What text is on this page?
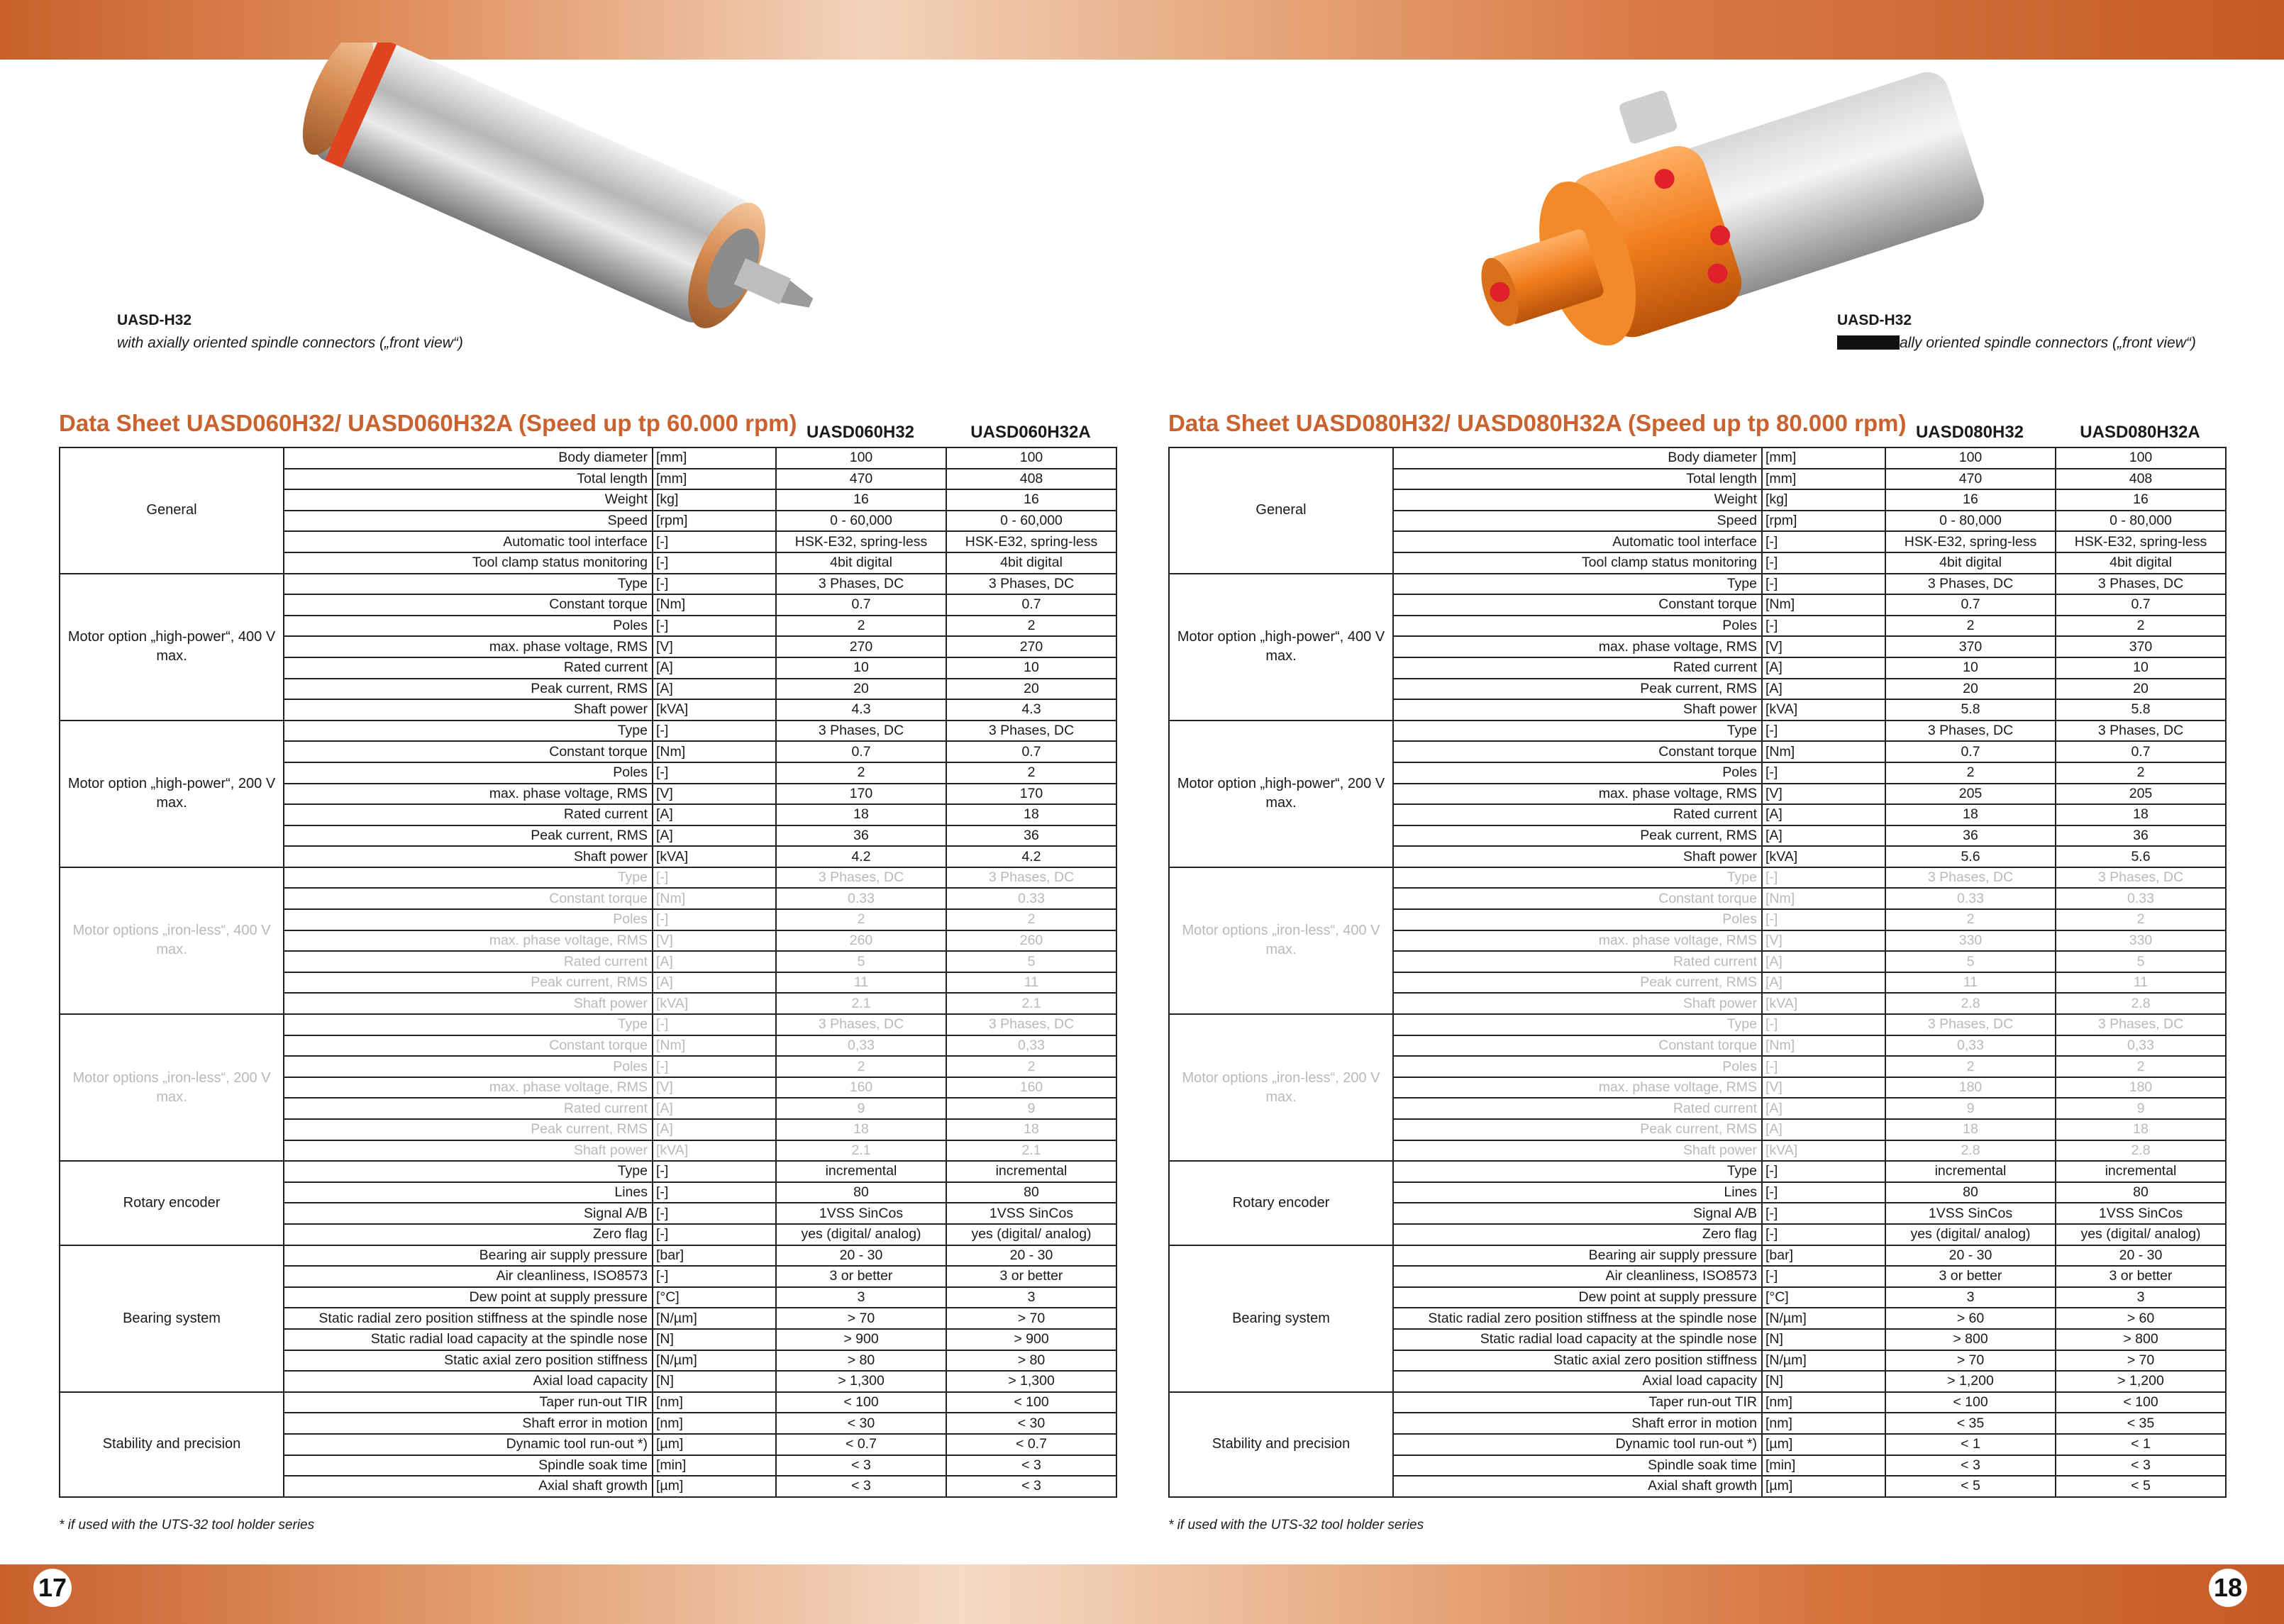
17	18
UASD-H32
with axially oriented spindle connectors („front view“)
UASD-H32
ally oriented spindle connectors („front view“)
Data Sheet UASD060H32/ UASD060H32A (Speed up tp 60.000 rpm) UASD060H32	UASD060H32A
General	Body diameter	[mm]	100	100
	Total length	[mm]	470	408
	Weight	[kg]	16	16
	Speed	[rpm]	0 - 60,000	0 - 60,000
	Automatic tool interface	[-]	HSK-E32, spring-less	HSK-E32, spring-less
	Tool clamp status monitoring	[-]	4bit digital	4bit digital
Motor option „high-power“, 400 V max.	Type	[-]	3 Phases, DC	3 Phases, DC
	Constant torque	[Nm]	0.7	0.7
	Poles	[-]	2	2
	max. phase voltage, RMS	[V]	270	270
	Rated current	[A]	10	10
	Peak current, RMS	[A]	20	20
	Shaft power	[kVA]	4.3	4.3
Motor option „high-power“, 200 V max.	Type	[-]	3 Phases, DC	3 Phases, DC
	Constant torque	[Nm]	0.7	0.7
	Poles	[-]	2	2
	max. phase voltage, RMS	[V]	170	170
	Rated current	[A]	18	18
	Peak current, RMS	[A]	36	36
	Shaft power	[kVA]	4.2	4.2
Motor options „iron-less“, 400 V max.	Type	[-]	3 Phases, DC	3 Phases, DC
	Constant torque	[Nm]	0.33	0.33
	Poles	[-]	2	2
	max. phase voltage, RMS	[V]	260	260
	Rated current	[A]	5	5
	Peak current, RMS	[A]	11	11
	Shaft power	[kVA]	2.1	2.1
Motor options „iron-less“, 200 V max.	Type	[-]	3 Phases, DC	3 Phases, DC
	Constant torque	[Nm]	0,33	0,33
	Poles	[-]	2	2
	max. phase voltage, RMS	[V]	160	160
	Rated current	[A]	9	9
	Peak current, RMS	[A]	18	18
	Shaft power	[kVA]	2.1	2.1
Rotary encoder	Type	[-]	incremental	incremental
	Lines	[-]	80	80
	Signal A/B	[-]	1VSS SinCos	1VSS SinCos
	Zero flag	[-]	yes (digital/ analog)	yes (digital/ analog)
Bearing system	Bearing air supply pressure	[bar]	20 - 30	20 - 30
	Air cleanliness, ISO8573	[-]	3 or better	3 or better
	Dew point at supply pressure	[°C]	3	3
	Static radial zero position stiffness at the spindle nose	[N/µm]	> 70	> 70
	Static radial load capacity at the spindle nose	[N]	> 900	> 900
	Static axial zero position stiffness	[N/µm]	> 80	> 80
	Axial load capacity	[N]	> 1,300	> 1,300
Stability and precision	Taper run-out TIR	[nm]	< 100	< 100
	Shaft error in motion	[nm]	< 30	< 30
	Dynamic tool run-out *)	[µm]	< 0.7	< 0.7
	Spindle soak time	[min]	< 3	< 3
	Axial shaft growth	[µm]	< 3	< 3
* if used with the UTS-32 tool holder series
Data Sheet UASD080H32/ UASD080H32A (Speed up tp 80.000 rpm) UASD080H32	UASD080H32A
General	Body diameter	[mm]	100	100
	Total length	[mm]	470	408
	Weight	[kg]	16	16
	Speed	[rpm]	0 - 80,000	0 - 80,000
	Automatic tool interface	[-]	HSK-E32, spring-less	HSK-E32, spring-less
	Tool clamp status monitoring	[-]	4bit digital	4bit digital
Motor option „high-power“, 400 V max.	Type	[-]	3 Phases, DC	3 Phases, DC
	Constant torque	[Nm]	0.7	0.7
	Poles	[-]	2	2
	max. phase voltage, RMS	[V]	370	370
	Rated current	[A]	10	10
	Peak current, RMS	[A]	20	20
	Shaft power	[kVA]	5.8	5.8
Motor option „high-power“, 200 V max.	Type	[-]	3 Phases, DC	3 Phases, DC
	Constant torque	[Nm]	0.7	0.7
	Poles	[-]	2	2
	max. phase voltage, RMS	[V]	205	205
	Rated current	[A]	18	18
	Peak current, RMS	[A]	36	36
	Shaft power	[kVA]	5.6	5.6
Motor options „iron-less“, 400 V max.	Type	[-]	3 Phases, DC	3 Phases, DC
	Constant torque	[Nm]	0.33	0.33
	Poles	[-]	2	2
	max. phase voltage, RMS	[V]	330	330
	Rated current	[A]	5	5
	Peak current, RMS	[A]	11	11
	Shaft power	[kVA]	2.8	2.8
Motor options „iron-less“, 200 V max.	Type	[-]	3 Phases, DC	3 Phases, DC
	Constant torque	[Nm]	0,33	0,33
	Poles	[-]	2	2
	max. phase voltage, RMS	[V]	180	180
	Rated current	[A]	9	9
	Peak current, RMS	[A]	18	18
	Shaft power	[kVA]	2.8	2.8
Rotary encoder	Type	[-]	incremental	incremental
	Lines	[-]	80	80
	Signal A/B	[-]	1VSS SinCos	1VSS SinCos
	Zero flag	[-]	yes (digital/ analog)	yes (digital/ analog)
Bearing system	Bearing air supply pressure	[bar]	20 - 30	20 - 30
	Air cleanliness, ISO8573	[-]	3 or better	3 or better
	Dew point at supply pressure	[°C]	3	3
	Static radial zero position stiffness at the spindle nose	[N/µm]	> 60	> 60
	Static radial load capacity at the spindle nose	[N]	> 800	> 800
	Static axial zero position stiffness	[N/µm]	> 70	> 70
	Axial load capacity	[N]	> 1,200	> 1,200
Stability and precision	Taper run-out TIR	[nm]	< 100	< 100
	Shaft error in motion	[nm]	< 35	< 35
	Dynamic tool run-out *)	[µm]	< 1	< 1
	Spindle soak time	[min]	< 3	< 3
	Axial shaft growth	[µm]	< 5	< 5
* if used with the UTS-32 tool holder series
